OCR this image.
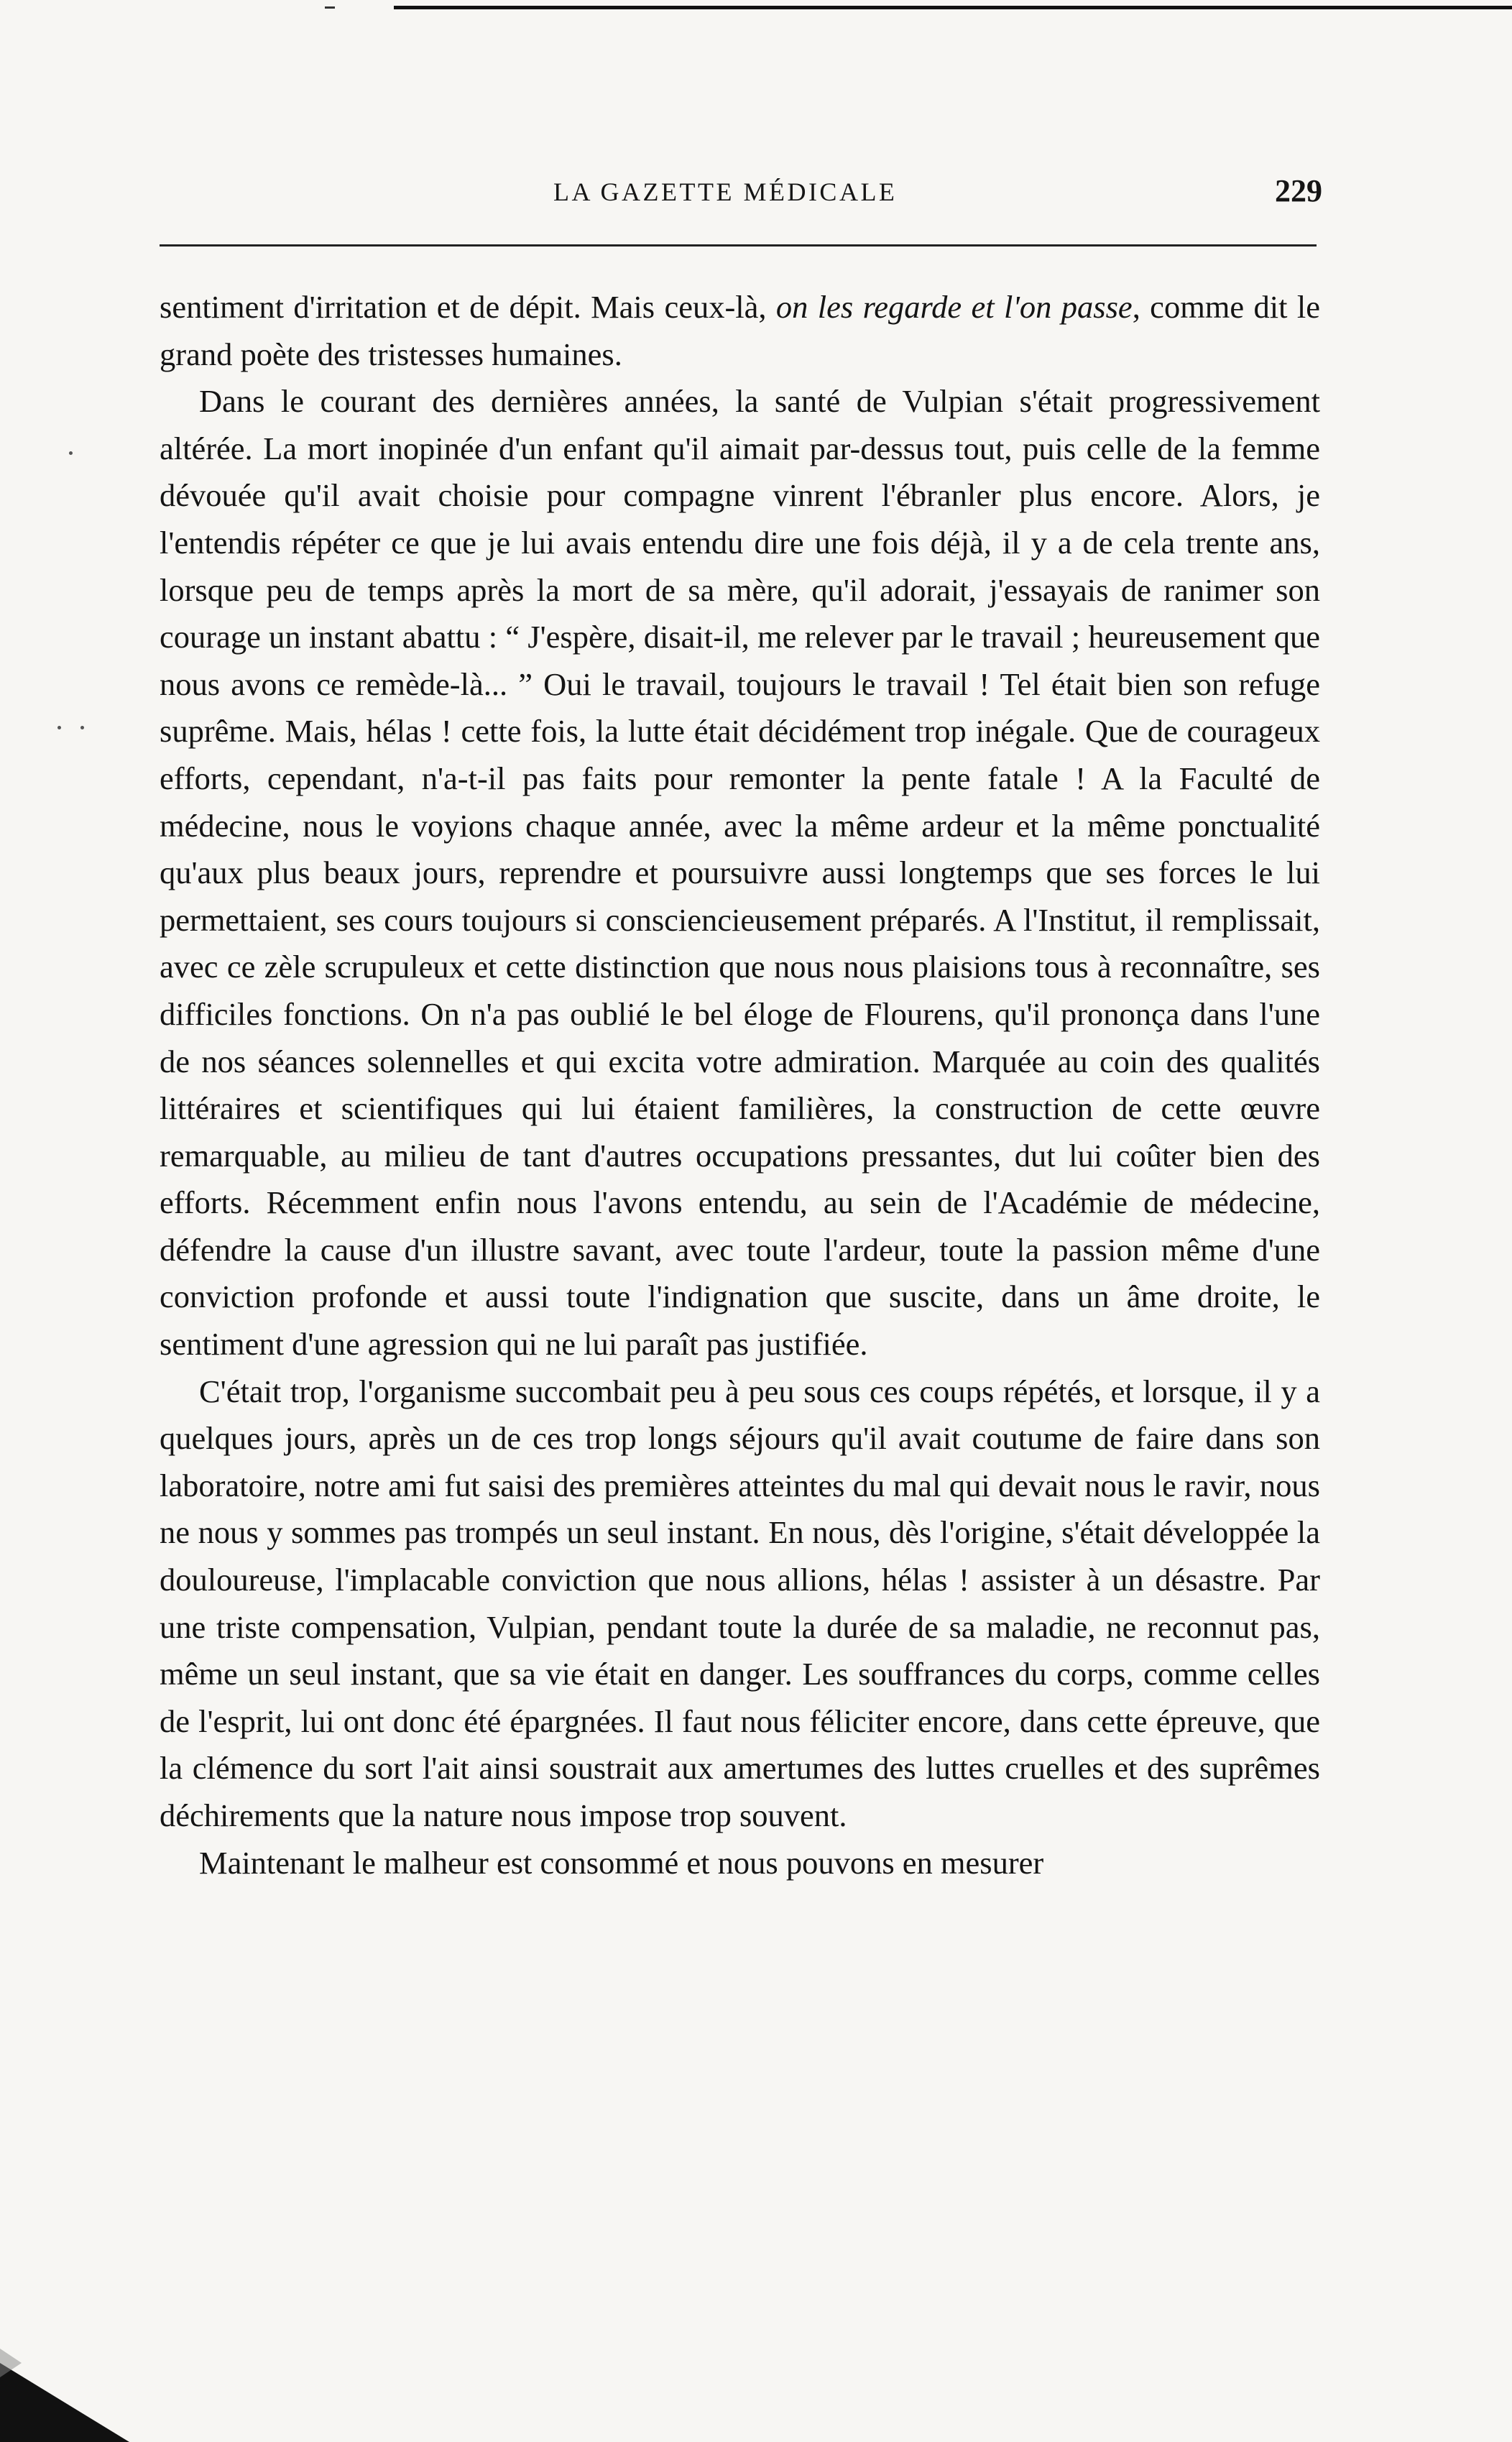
LA GAZETTE MÉDICALE	229

sentiment d'irritation et de dépit. Mais ceux-là, on les regarde et l'on passe, comme dit le grand poète des tristesses humaines.

Dans le courant des dernières années, la santé de Vulpian s'était progressivement altérée. La mort inopinée d'un enfant qu'il aimait par-dessus tout, puis celle de la femme dévouée qu'il avait choisie pour compagne vinrent l'ébranler plus encore. Alors, je l'entendis répéter ce que je lui avais entendu dire une fois déjà, il y a de cela trente ans, lorsque peu de temps après la mort de sa mère, qu'il adorait, j'essayais de ranimer son courage un instant abattu : “ J'espère, disait-il, me relever par le travail ; heureusement que nous avons ce remède-là... ” Oui le travail, toujours le travail ! Tel était bien son refuge suprême. Mais, hélas ! cette fois, la lutte était décidément trop inégale. Que de courageux efforts, cependant, n'a-t-il pas faits pour remonter la pente fatale ! A la Faculté de médecine, nous le voyions chaque année, avec la même ardeur et la même ponctualité qu'aux plus beaux jours, reprendre et poursuivre aussi longtemps que ses forces le lui permettaient, ses cours toujours si consciencieusement préparés. A l'Institut, il remplissait, avec ce zèle scrupuleux et cette distinction que nous nous plaisions tous à reconnaître, ses difficiles fonctions. On n'a pas oublié le bel éloge de Flourens, qu'il prononça dans l'une de nos séances solennelles et qui excita votre admiration. Marquée au coin des qualités littéraires et scientifiques qui lui étaient familières, la construction de cette œuvre remarquable, au milieu de tant d'autres occupations pressantes, dut lui coûter bien des efforts. Récemment enfin nous l'avons entendu, au sein de l'Académie de médecine, défendre la cause d'un illustre savant, avec toute l'ardeur, toute la passion même d'une conviction profonde et aussi toute l'indignation que suscite, dans un âme droite, le sentiment d'une agression qui ne lui paraît pas justifiée.

C'était trop, l'organisme succombait peu à peu sous ces coups répétés, et lorsque, il y a quelques jours, après un de ces trop longs séjours qu'il avait coutume de faire dans son laboratoire, notre ami fut saisi des premières atteintes du mal qui devait nous le ravir, nous ne nous y sommes pas trompés un seul instant. En nous, dès l'origine, s'était développée la douloureuse, l'implacable conviction que nous allions, hélas ! assister à un désastre. Par une triste compensation, Vulpian, pendant toute la durée de sa maladie, ne reconnut pas, même un seul instant, que sa vie était en danger. Les souffrances du corps, comme celles de l'esprit, lui ont donc été épargnées. Il faut nous féliciter encore, dans cette épreuve, que la clémence du sort l'ait ainsi soustrait aux amertumes des luttes cruelles et des suprêmes déchirements que la nature nous impose trop souvent.

Maintenant le malheur est consommé et nous pouvons en mesurer
